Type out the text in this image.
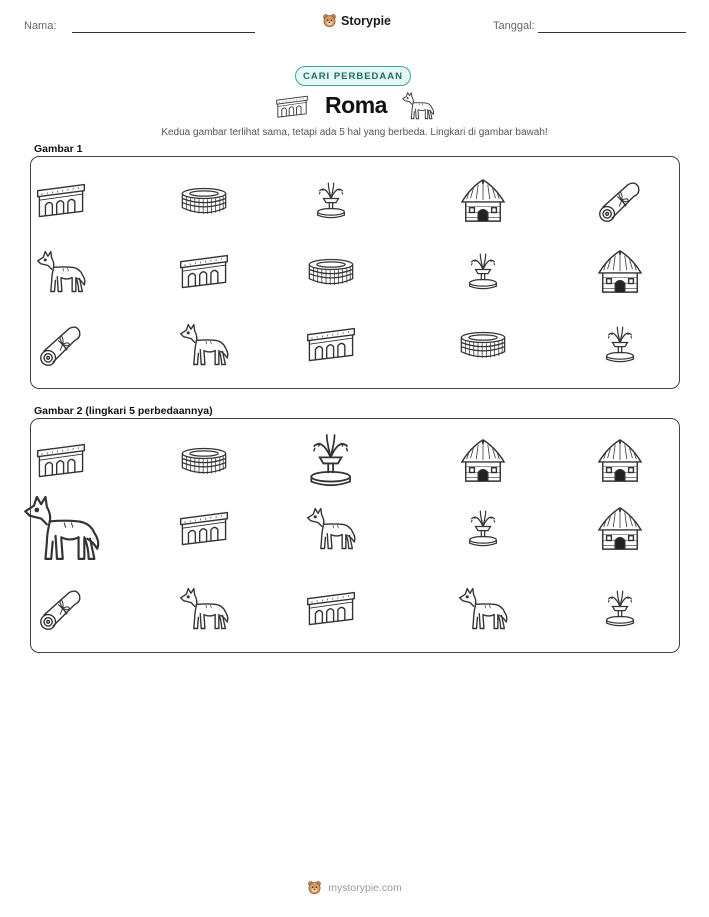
Nama:	Storypie	Tanggal:
CARI PERBEDAAN
Roma
Kedua gambar terlihat sama, tetapi ada 5 hal yang berbeda. Lingkari di gambar bawah!
Gambar 1
Gambar 2 (lingkari 5 perbedaannya)
mystorypie.com
